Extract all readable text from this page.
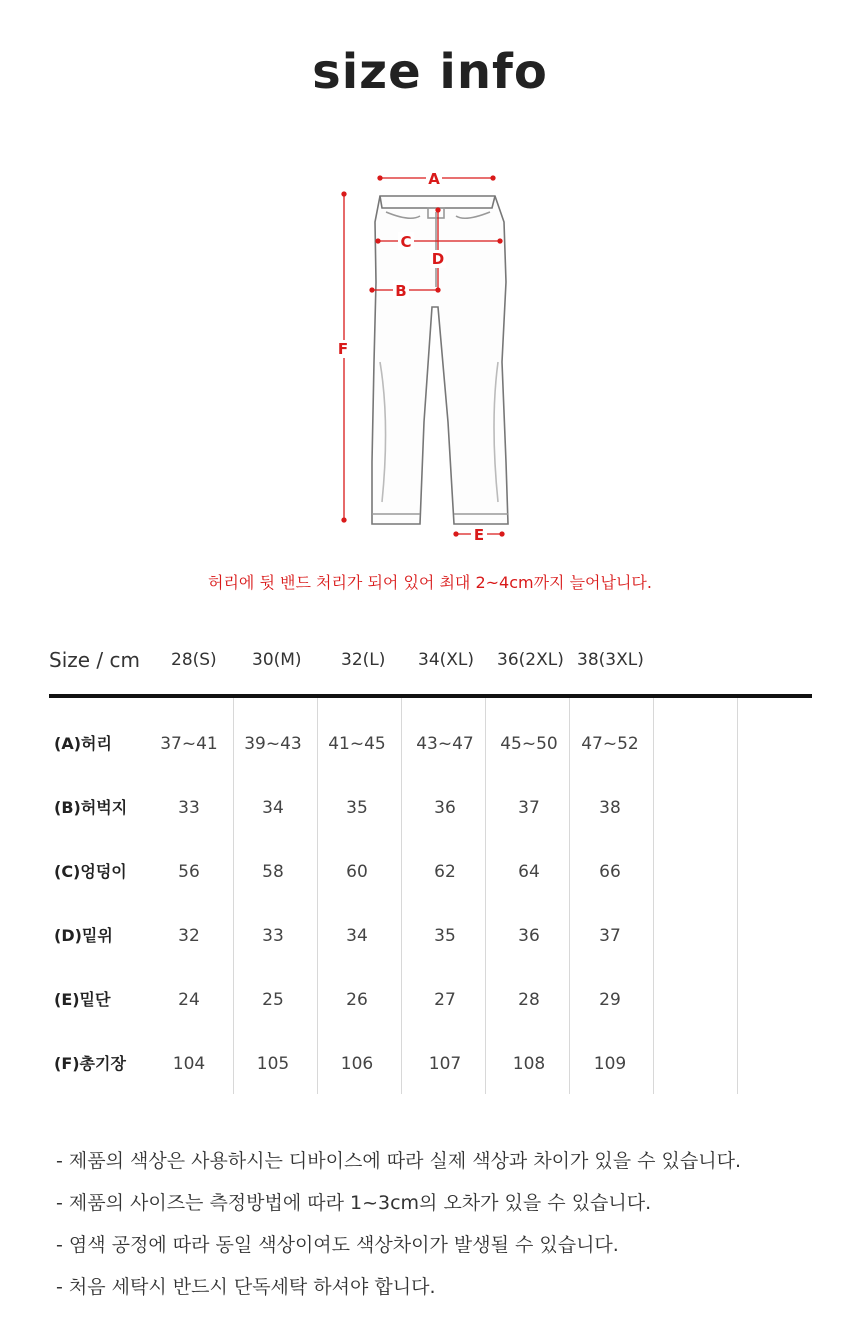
size info
A
C
D
B
E
F
허리에 뒷 밴드 처리가 되어 있어 최대 2~4cm까지 늘어납니다.
Size / cm 28(S) 30(M) 32(L) 34(XL) 36(2XL) 38(3XL)
(A)허리	37~41	39~43	41~45	43~47	45~50	47~52
(B)허벅지	33	34	35	36	37	38
(C)엉덩이	56	58	60	62	64	66
(D)밑위	32	33	34	35	36	37
(E)밑단	24	25	26	27	28	29
(F)총기장	104	105	106	107	108	109
- 제품의 색상은 사용하시는 디바이스에 따라 실제 색상과 차이가 있을 수 있습니다.
- 제품의 사이즈는 측정방법에 따라 1~3cm의 오차가 있을 수 있습니다.
- 염색 공정에 따라 동일 색상이여도 색상차이가 발생될 수 있습니다.
- 처음 세탁시 반드시 단독세탁 하셔야 합니다.
